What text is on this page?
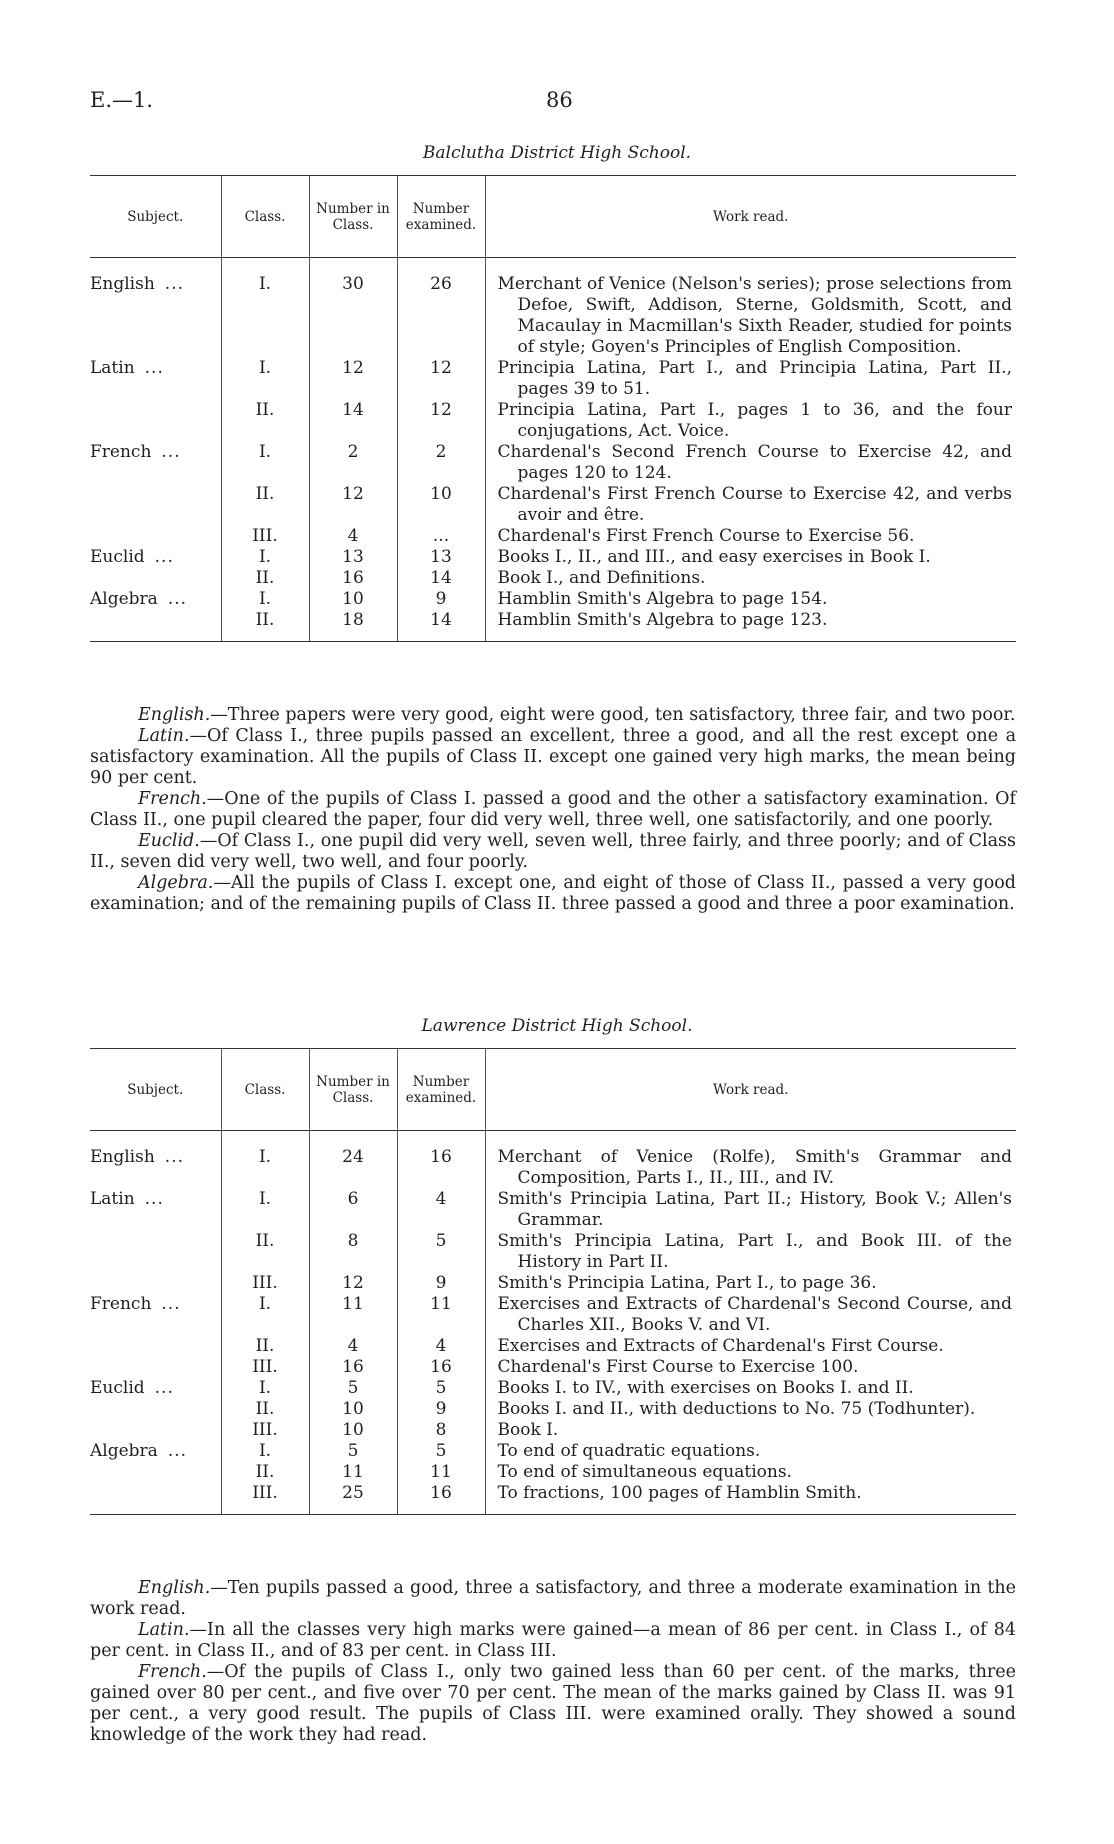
E.—1.	86
Balclutha District High School.
Subject.	Class.	Number in Class.	Number examined.	Work read.

English ...	I.	30	26	Merchant of Venice (Nelson's series); prose selections from Defoe, Swift, Addison, Sterne, Goldsmith, Scott, and Macaulay in Macmillan's Sixth Reader, studied for points of style; Goyen's Principles of English Composition.
Latin ...	I.	12	12	Principia Latina, Part I., and Principia Latina, Part II., pages 39 to 51.
	II.	14	12	Principia Latina, Part I., pages 1 to 36, and the four conjugations, Act. Voice.
French ...	I.	2	2	Chardenal's Second French Course to Exercise 42, and pages 120 to 124.
	II.	12	10	Chardenal's First French Course to Exercise 42, and verbs avoir and être.
	III.	4	...	Chardenal's First French Course to Exercise 56.
Euclid ...	I.	13	13	Books I., II., and III., and easy exercises in Book I.
	II.	16	14	Book I., and Definitions.
Algebra ...	I.	10	9	Hamblin Smith's Algebra to page 154.
	II.	18	14	Hamblin Smith's Algebra to page 123.

English.—Three papers were very good, eight were good, ten satisfactory, three fair, and two poor.

Latin.—Of Class I., three pupils passed an excellent, three a good, and all the rest except one a satisfactory examination. All the pupils of Class II. except one gained very high marks, the mean being 90 per cent.

French.—One of the pupils of Class I. passed a good and the other a satisfactory examination. Of Class II., one pupil cleared the paper, four did very well, three well, one satisfactorily, and one poorly.

Euclid.—Of Class I., one pupil did very well, seven well, three fairly, and three poorly; and of Class II., seven did very well, two well, and four poorly.

Algebra.—All the pupils of Class I. except one, and eight of those of Class II., passed a very good examination; and of the remaining pupils of Class II. three passed a good and three a poor examination.

Lawrence District High School.
Subject.	Class.	Number in Class.	Number examined.	Work read.

English ...	I.	24	16	Merchant of Venice (Rolfe), Smith's Grammar and Composition, Parts I., II., III., and IV.
Latin ...	I.	6	4	Smith's Principia Latina, Part II.; History, Book V.; Allen's Grammar.
	II.	8	5	Smith's Principia Latina, Part I., and Book III. of the History in Part II.
	III.	12	9	Smith's Principia Latina, Part I., to page 36.
French ...	I.	11	11	Exercises and Extracts of Chardenal's Second Course, and Charles XII., Books V. and VI.
	II.	4	4	Exercises and Extracts of Chardenal's First Course.
	III.	16	16	Chardenal's First Course to Exercise 100.
Euclid ...	I.	5	5	Books I. to IV., with exercises on Books I. and II.
	II.	10	9	Books I. and II., with deductions to No. 75 (Todhunter).
	III.	10	8	Book I.
Algebra ...	I.	5	5	To end of quadratic equations.
	II.	11	11	To end of simultaneous equations.
	III.	25	16	To fractions, 100 pages of Hamblin Smith.

English.—Ten pupils passed a good, three a satisfactory, and three a moderate examination in the work read.

Latin.—In all the classes very high marks were gained—a mean of 86 per cent. in Class I., of 84 per cent. in Class II., and of 83 per cent. in Class III.

French.—Of the pupils of Class I., only two gained less than 60 per cent. of the marks, three gained over 80 per cent., and five over 70 per cent. The mean of the marks gained by Class II. was 91 per cent., a very good result. The pupils of Class III. were examined orally. They showed a sound knowledge of the work they had read.
